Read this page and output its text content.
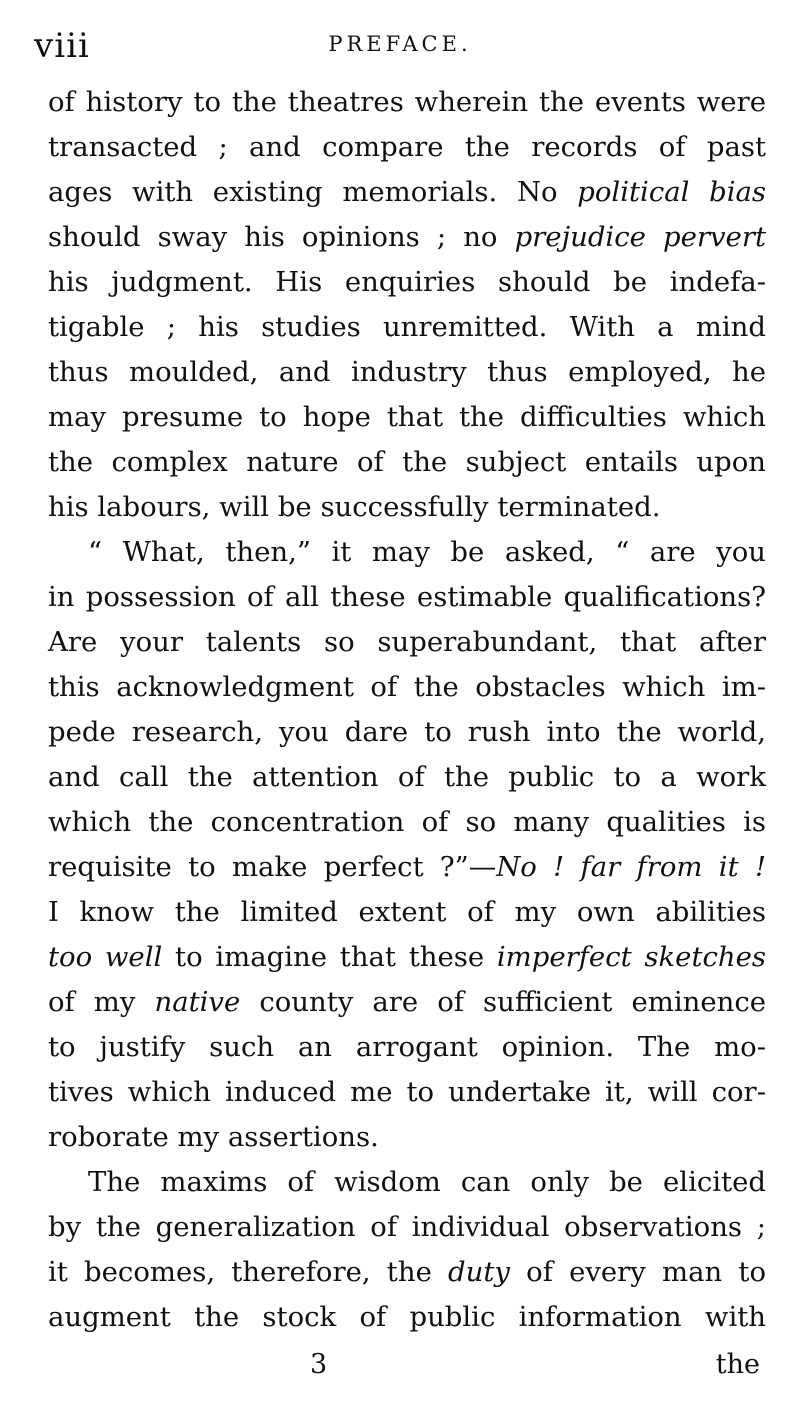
viii	PREFACE.
of history to the theatres wherein the events were
transacted ; and compare the records of past
ages with existing memorials. No political bias
should sway his opinions ; no prejudice pervert
his judgment. His enquiries should be indefa-
tigable ; his studies unremitted. With a mind
thus moulded, and industry thus employed, he
may presume to hope that the difficulties which
the complex nature of the subject entails upon
his labours, will be successfully terminated.
“ What, then,” it may be asked, “ are you
in possession of all these estimable qualifications?
Are your talents so superabundant, that after
this acknowledgment of the obstacles which im-
pede research, you dare to rush into the world,
and call the attention of the public to a work
which the concentration of so many qualities is
requisite to make perfect ?”—No ! far from it !
I know the limited extent of my own abilities
too well to imagine that these imperfect sketches
of my native county are of sufficient eminence
to justify such an arrogant opinion. The mo-
tives which induced me to undertake it, will cor-
roborate my assertions.
The maxims of wisdom can only be elicited
by the generalization of individual observations ;
it becomes, therefore, the duty of every man to
augment the stock of public information with
3	the
